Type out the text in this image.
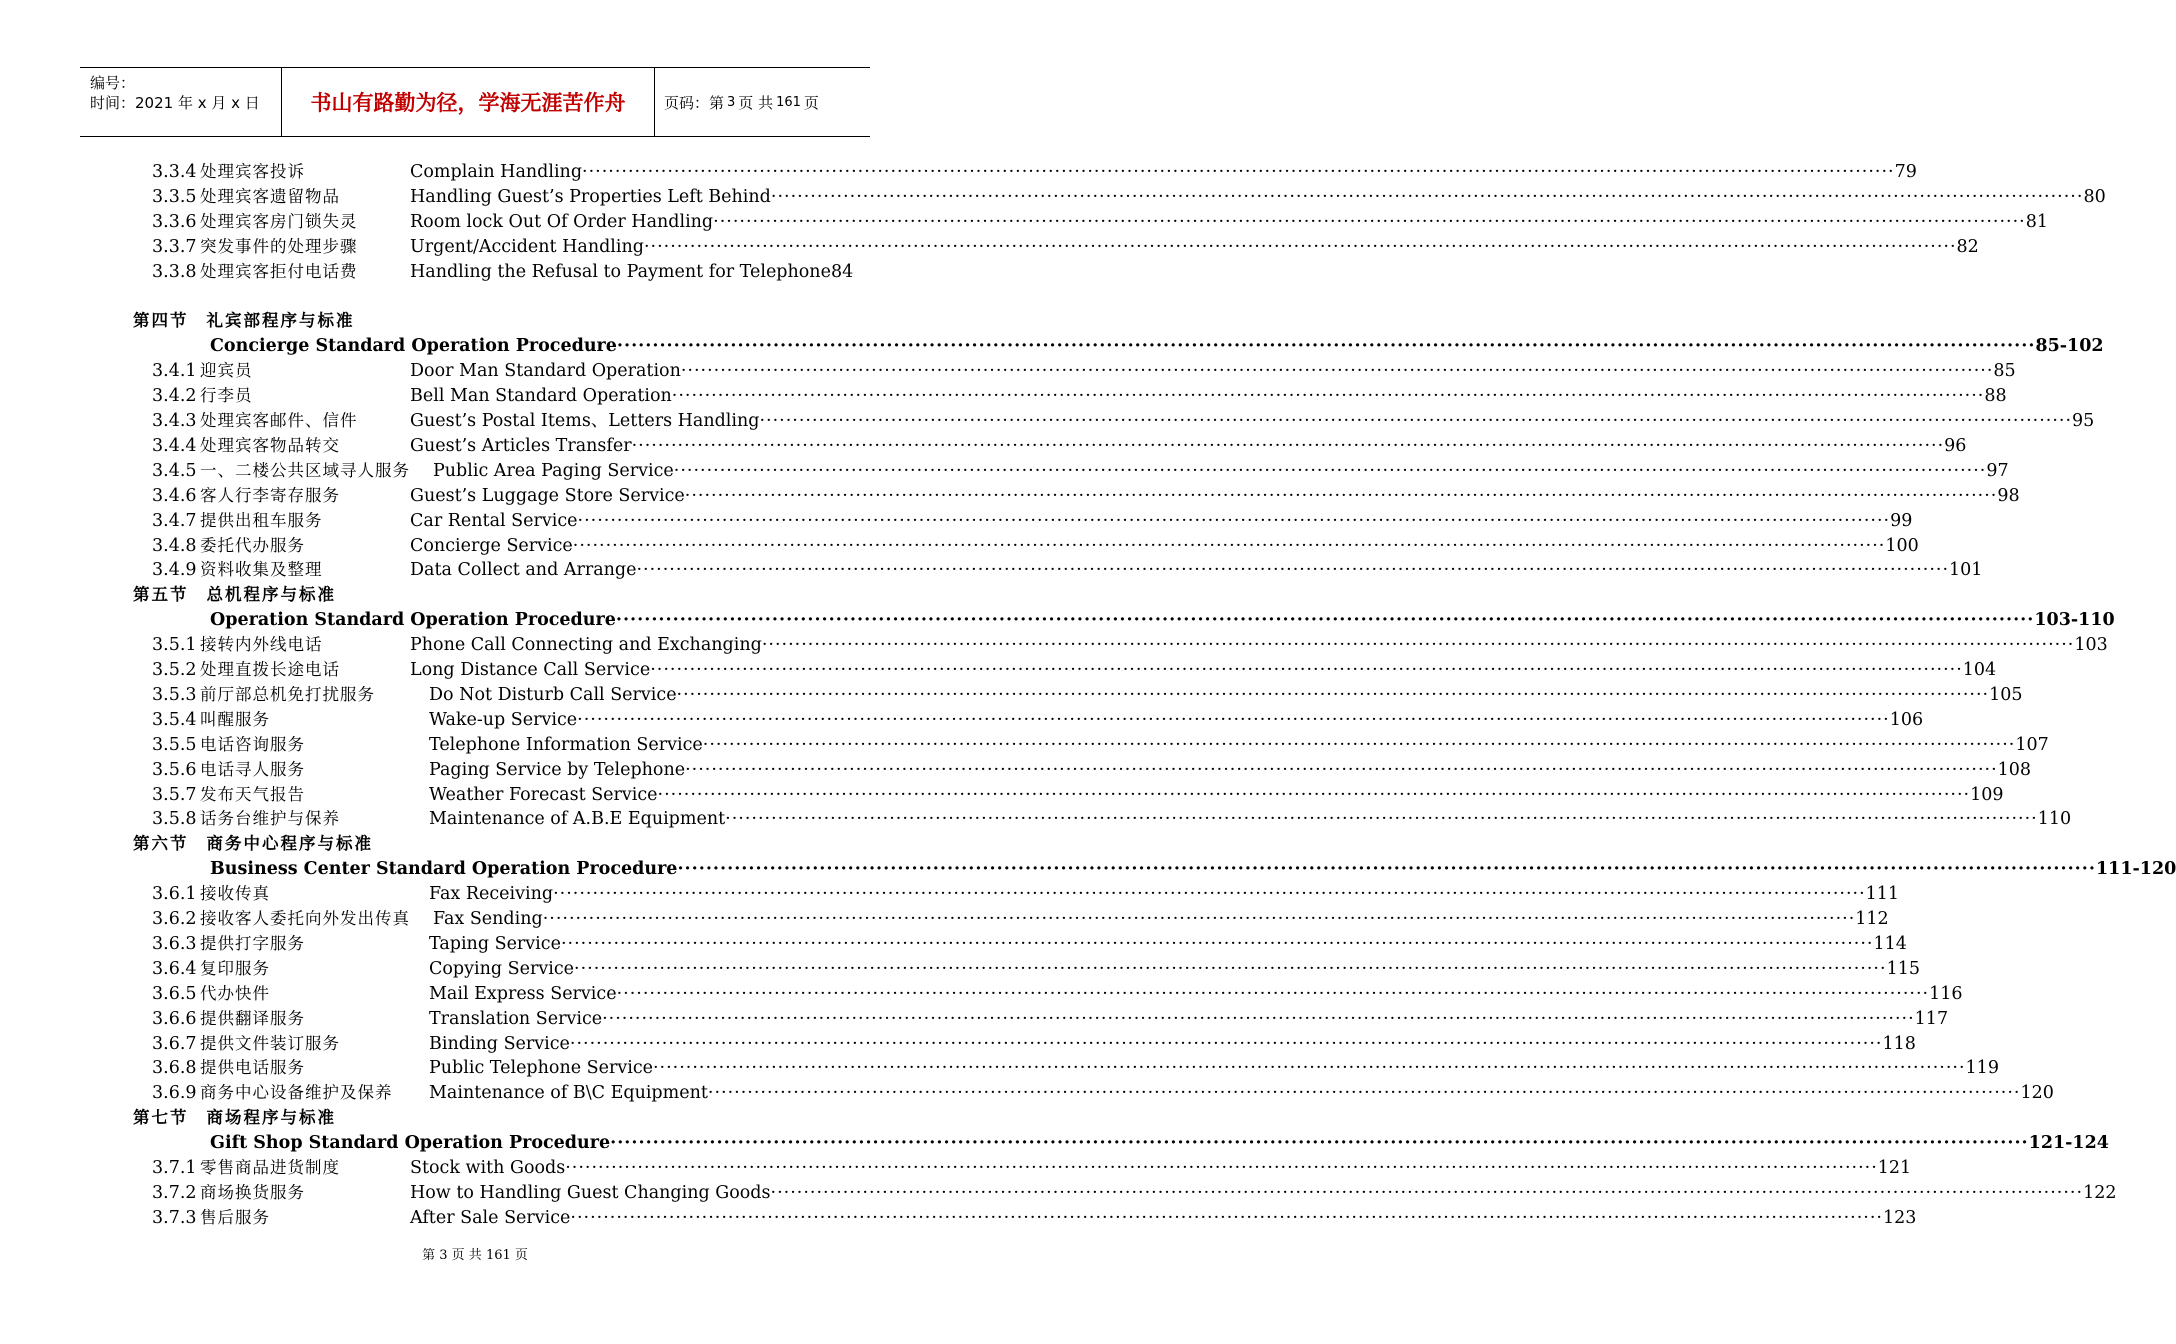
编号：
时间：2021 年 x 月 x 日	书山有路勤为径，学海无涯苦作舟	页码：第 3 页 共 161 页
3.3.4 处理宾客投诉	Complain Handling ········································································································································································································ 79
3.3.5 处理宾客遗留物品	Handling Guest’s Properties Left Behind ········································································································································································································ 80
3.3.6 处理宾客房门锁失灵	Room lock Out Of Order Handling ········································································································································································································ 81
3.3.7 突发事件的处理步骤	Urgent/Accident Handling ········································································································································································································ 82
3.3.8 处理宾客拒付电话费	Handling the Refusal to Payment for Telephone 84
第四节 礼宾部程序与标准
Concierge Standard Operation Procedure ········································································································································································································ 85-102
3.4.1 迎宾员	Door Man Standard Operation ········································································································································································································ 85
3.4.2 行李员	Bell Man Standard Operation ········································································································································································································ 88
3.4.3 处理宾客邮件、信件	Guest’s Postal Items、Letters Handling ········································································································································································································ 95
3.4.4 处理宾客物品转交	Guest’s Articles Transfer ········································································································································································································ 96
3.4.5 一、二楼公共区域寻人服务 Public Area Paging Service ········································································································································································································ 97
3.4.6 客人行李寄存服务	Guest’s Luggage Store Service ········································································································································································································ 98
3.4.7 提供出租车服务	Car Rental Service ········································································································································································································ 99
3.4.8 委托代办服务	Concierge Service ········································································································································································································ 100
3.4.9 资料收集及整理	Data Collect and Arrange ········································································································································································································ 101
第五节 总机程序与标准
Operation Standard Operation Procedure ········································································································································································································ 103-110
3.5.1 接转内外线电话	Phone Call Connecting and Exchanging ········································································································································································································ 103
3.5.2 处理直拨长途电话	Long Distance Call Service ········································································································································································································ 104
3.5.3 前厅部总机免打扰服务	Do Not Disturb Call Service ········································································································································································································ 105
3.5.4 叫醒服务	Wake-up Service ········································································································································································································ 106
3.5.5 电话咨询服务	Telephone Information Service ········································································································································································································ 107
3.5.6 电话寻人服务	Paging Service by Telephone ········································································································································································································ 108
3.5.7 发布天气报告	Weather Forecast Service ········································································································································································································ 109
3.5.8 话务台维护与保养	Maintenance of A.B.E Equipment ········································································································································································································ 110
第六节 商务中心程序与标准
Business Center Standard Operation Procedure ········································································································································································································ 111-120
3.6.1 接收传真	Fax Receiving ········································································································································································································ 111
3.6.2 接收客人委托向外发出传真 Fax Sending ········································································································································································································ 112
3.6.3 提供打字服务	Taping Service ········································································································································································································ 114
3.6.4 复印服务	Copying Service ········································································································································································································ 115
3.6.5 代办快件	Mail Express Service ········································································································································································································ 116
3.6.6 提供翻译服务	Translation Service ········································································································································································································ 117
3.6.7 提供文件装订服务	Binding Service ········································································································································································································ 118
3.6.8 提供电话服务	Public Telephone Service ········································································································································································································ 119
3.6.9 商务中心设备维护及保养 Maintenance of B\C Equipment ········································································································································································································ 120
第七节 商场程序与标准
Gift Shop Standard Operation Procedure ········································································································································································································ 121-124
3.7.1 零售商品进货制度	Stock with Goods ········································································································································································································ 121
3.7.2 商场换货服务	How to Handling Guest Changing Goods ········································································································································································································ 122
3.7.3 售后服务	After Sale Service ········································································································································································································ 123
第 3 页 共 161 页
